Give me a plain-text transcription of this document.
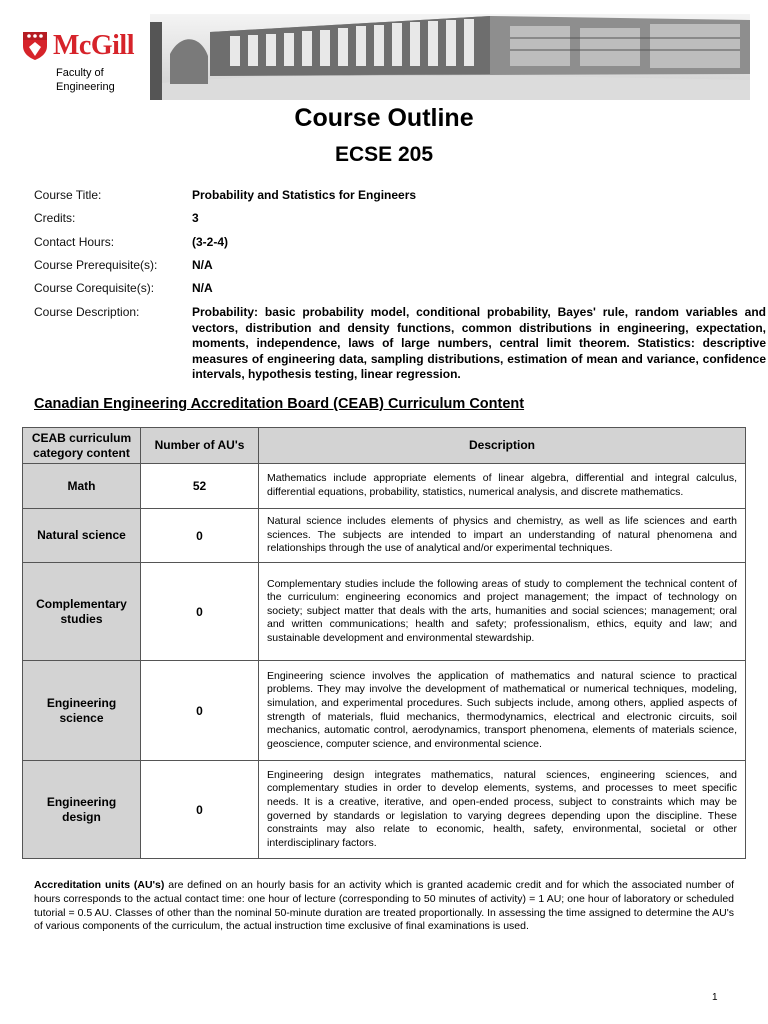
McGill
Faculty of
Engineering
Course Outline
ECSE 205
Course Title:	Probability and Statistics for Engineers
Credits:	3
Contact Hours:	(3-2-4)
Course Prerequisite(s):	N/A
Course Corequisite(s):	N/A
Course Description:	Probability: basic probability model, conditional probability, Bayes' rule, random variables and vectors, distribution and density functions, common distributions in engineering, expectation, moments, independence, laws of large numbers, central limit theorem. Statistics: descriptive measures of engineering data, sampling distributions, estimation of mean and variance, confidence intervals, hypothesis testing, linear regression.
Canadian Engineering Accreditation Board (CEAB) Curriculum Content
CEAB curriculum category content	Number of AU's	Description
Math	52	Mathematics include appropriate elements of linear algebra, differential and integral calculus, differential equations, probability, statistics, numerical analysis, and discrete mathematics.
Natural science	0	Natural science includes elements of physics and chemistry, as well as life sciences and earth sciences. The subjects are intended to impart an understanding of natural phenomena and relationships through the use of analytical and/or experimental techniques.
Complementary studies	0	Complementary studies include the following areas of study to complement the technical content of the curriculum: engineering economics and project management; the impact of technology on society; subject matter that deals with the arts, humanities and social sciences; management; oral and written communications; health and safety; professionalism, ethics, equity and law; and sustainable development and environmental stewardship.
Engineering science	0	Engineering science involves the application of mathematics and natural science to practical problems. They may involve the development of mathematical or numerical techniques, modeling, simulation, and experimental procedures. Such subjects include, among others, applied aspects of strength of materials, fluid mechanics, thermodynamics, electrical and electronic circuits, soil mechanics, automatic control, aerodynamics, transport phenomena, elements of materials science, geoscience, computer science, and environmental science.
Engineering design	0	Engineering design integrates mathematics, natural sciences, engineering sciences, and complementary studies in order to develop elements, systems, and processes to meet specific needs. It is a creative, iterative, and open-ended process, subject to constraints which may be governed by standards or legislation to varying degrees depending upon the discipline. These constraints may also relate to economic, health, safety, environmental, societal or other interdisciplinary factors.
Accreditation units (AU's) are defined on an hourly basis for an activity which is granted academic credit and for which the associated number of hours corresponds to the actual contact time: one hour of lecture (corresponding to 50 minutes of activity) = 1 AU; one hour of laboratory or scheduled tutorial = 0.5 AU. Classes of other than the nominal 50-minute duration are treated proportionally. In assessing the time assigned to determine the AU's of various components of the curriculum, the actual instruction time exclusive of final examinations is used.
1
